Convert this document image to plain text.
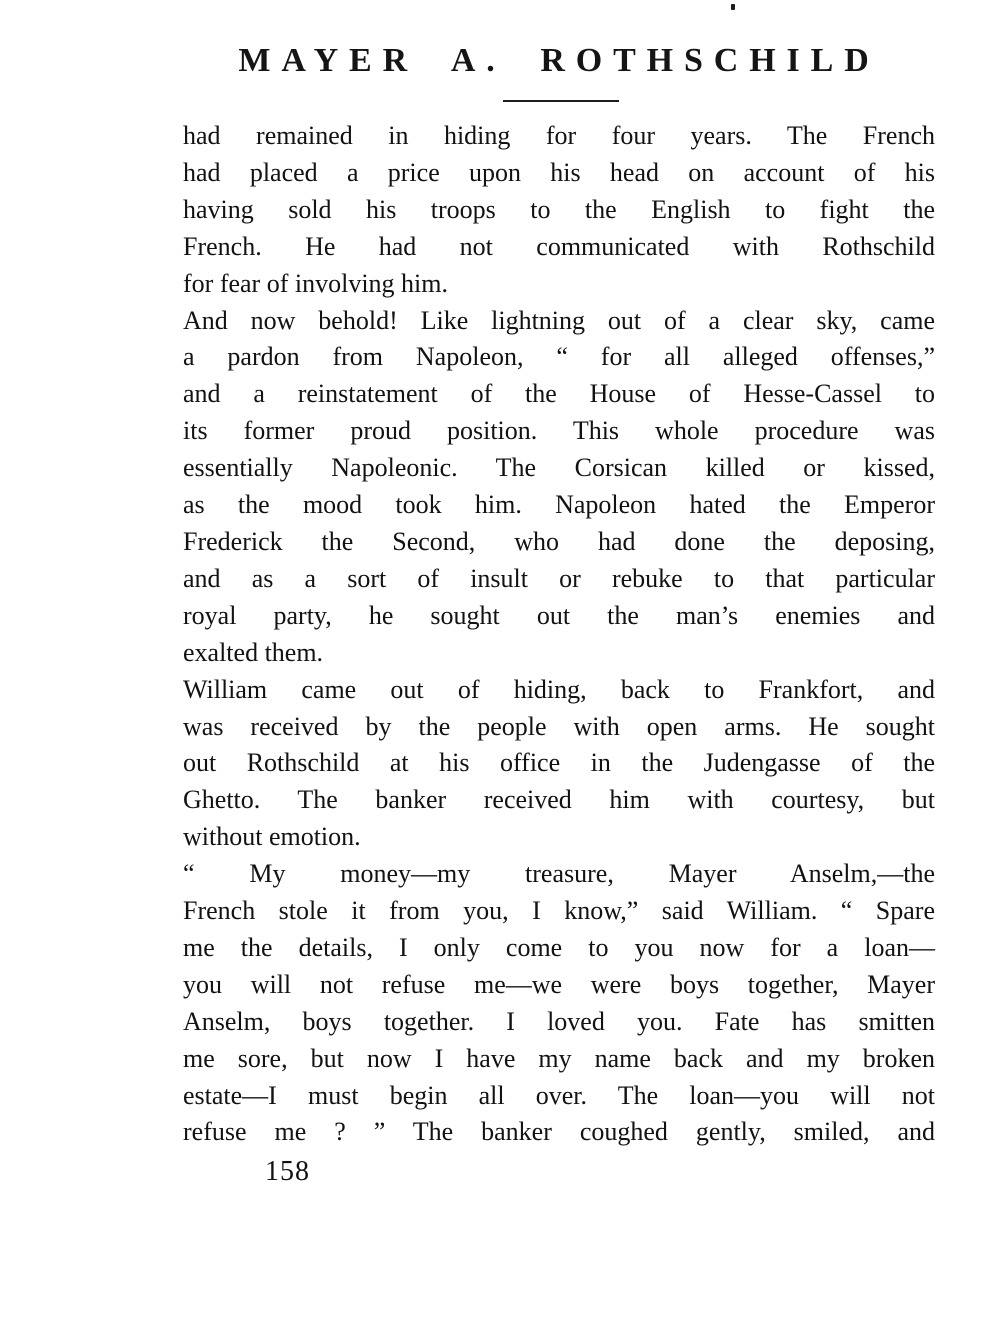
MAYER A. ROTHSCHILD
had remained in hiding for four years. The French
had placed a price upon his head on account of his
having sold his troops to the English to fight the
French. He had not communicated with Rothschild
for fear of involving him.
And now behold! Like lightning out of a clear sky, came
a pardon from Napoleon, “ for all alleged offenses,”
and a reinstatement of the House of Hesse-Cassel to
its former proud position. This whole procedure was
essentially Napoleonic. The Corsican killed or kissed,
as the mood took him. Napoleon hated the Emperor
Frederick the Second, who had done the deposing,
and as a sort of insult or rebuke to that particular
royal party, he sought out the man’s enemies and
exalted them.
William came out of hiding, back to Frankfort, and
was received by the people with open arms. He sought
out Rothschild at his office in the Judengasse of the
Ghetto. The banker received him with courtesy, but
without emotion.
“ My money—my treasure, Mayer Anselm,—the
French stole it from you, I know,” said William. “ Spare
me the details, I only come to you now for a loan—
you will not refuse me—we were boys together, Mayer
Anselm, boys together. I loved you. Fate has smitten
me sore, but now I have my name back and my broken
estate—I must begin all over. The loan—you will not
refuse me ? ” The banker coughed gently, smiled, and
158
